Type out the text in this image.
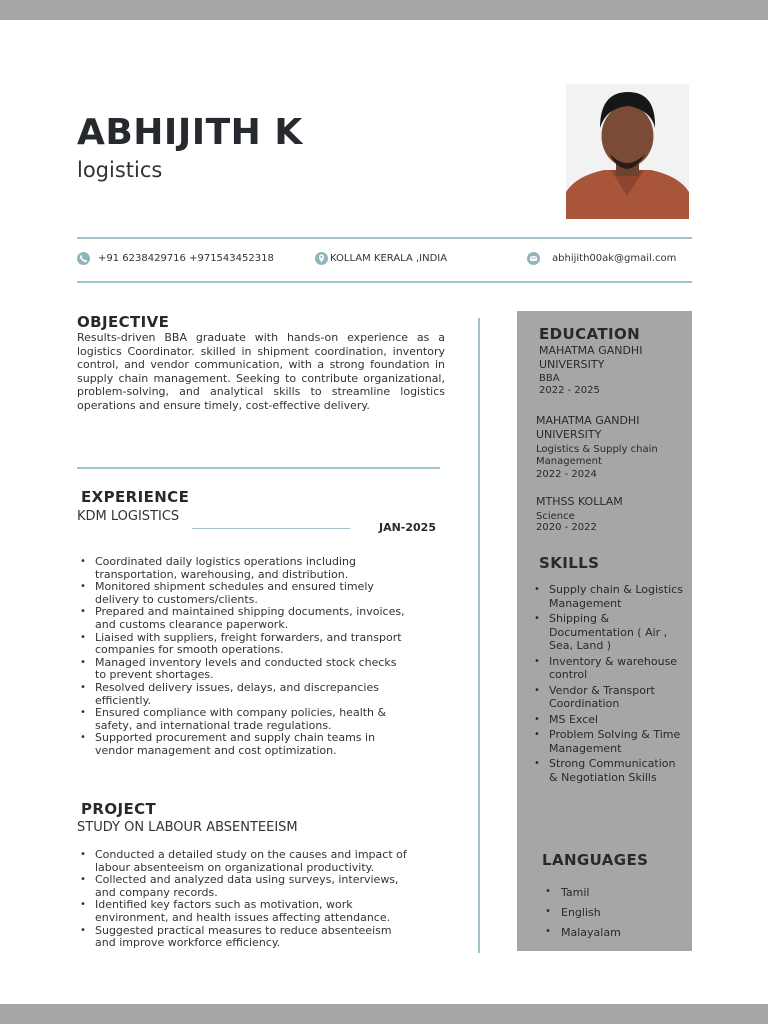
ABHIJITH K
logistics
+91 6238429716 +971543452318	KOLLAM KERALA ,INDIA	abhijith00ak@gmail.com
OBJECTIVE
Results-driven BBA graduate with hands-on experience as a logistics Coordinator. skilled in shipment coordination, inventory control, and vendor communication, with a strong foundation in supply chain management. Seeking to contribute organizational, problem-solving, and analytical skills to streamline logistics operations and ensure timely, cost-effective delivery.
EXPERIENCE
KDM LOGISTICS
JAN-2025
• Coordinated daily logistics operations including transportation, warehousing, and distribution.
• Monitored shipment schedules and ensured timely delivery to customers/clients.
• Prepared and maintained shipping documents, invoices, and customs clearance paperwork.
• Liaised with suppliers, freight forwarders, and transport companies for smooth operations.
• Managed inventory levels and conducted stock checks to prevent shortages.
• Resolved delivery issues, delays, and discrepancies efficiently.
• Ensured compliance with company policies, health & safety, and international trade regulations.
• Supported procurement and supply chain teams in vendor management and cost optimization.
PROJECT
STUDY ON LABOUR ABSENTEEISM
• Conducted a detailed study on the causes and impact of labour absenteeism on organizational productivity.
• Collected and analyzed data using surveys, interviews, and company records.
• Identified key factors such as motivation, work environment, and health issues affecting attendance.
• Suggested practical measures to reduce absenteeism and improve workforce efficiency.
EDUCATION
MAHATMA GANDHI UNIVERSITY
BBA
2022 - 2025
MAHATMA GANDHI UNIVERSITY
Logistics & Supply chain Management
2022 - 2024
MTHSS KOLLAM
Science
2020 - 2022
SKILLS
• Supply chain & Logistics Management
• Shipping & Documentation ( Air , Sea, Land )
• Inventory & warehouse control
• Vendor & Transport Coordination
• MS Excel
• Problem Solving & Time Management
• Strong Communication & Negotiation Skills
LANGUAGES
• Tamil
• English
• Malayalam
